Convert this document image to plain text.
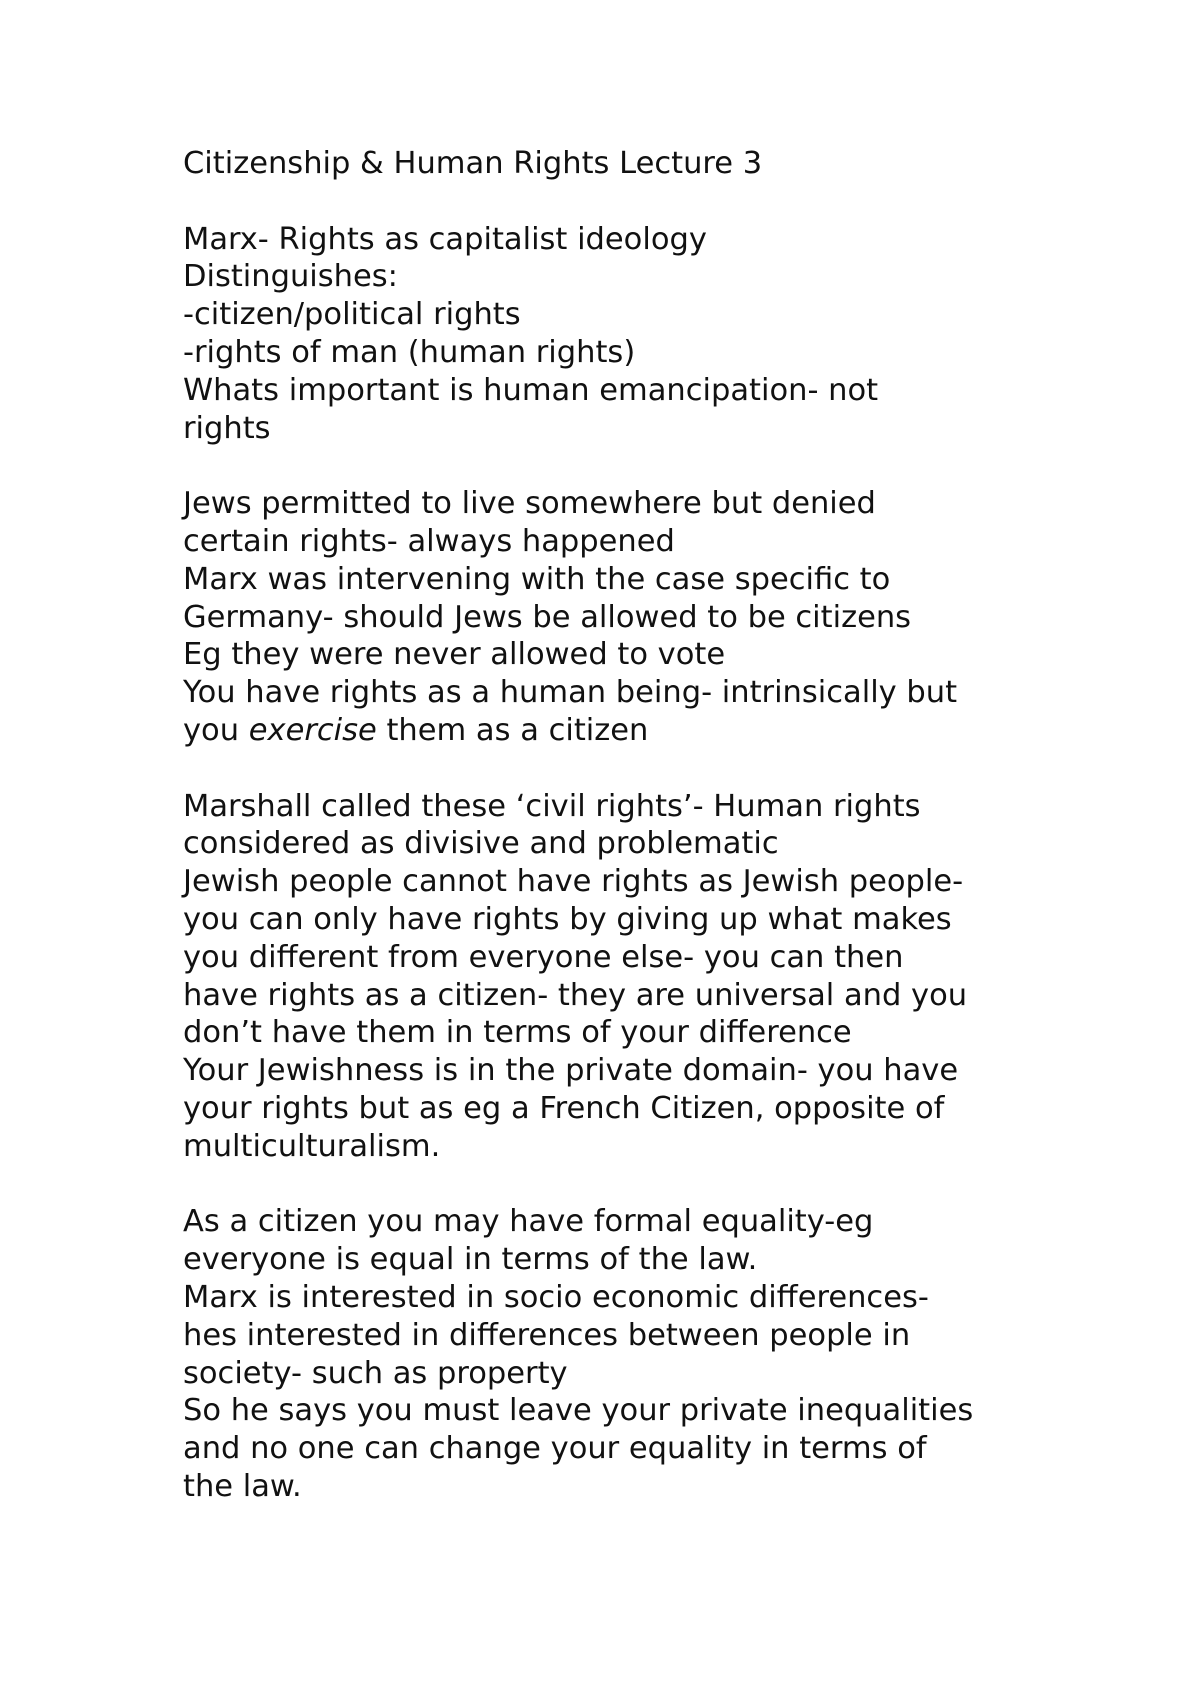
Citizenship & Human Rights Lecture 3
Marx- Rights as capitalist ideology
Distinguishes:
-citizen/political rights
-rights of man (human rights)
Whats important is human emancipation- not
rights
Jews permitted to live somewhere but denied
certain rights- always happened
Marx was intervening with the case specific to
Germany- should Jews be allowed to be citizens
Eg they were never allowed to vote
You have rights as a human being- intrinsically but
you exercise them as a citizen
Marshall called these ‘civil rights’- Human rights
considered as divisive and problematic
Jewish people cannot have rights as Jewish people-
you can only have rights by giving up what makes
you different from everyone else- you can then
have rights as a citizen- they are universal and you
don’t have them in terms of your difference
Your Jewishness is in the private domain- you have
your rights but as eg a French Citizen, opposite of
multiculturalism.
As a citizen you may have formal equality-eg
everyone is equal in terms of the law.
Marx is interested in socio economic differences-
hes interested in differences between people in
society- such as property
So he says you must leave your private inequalities
and no one can change your equality in terms of
the law.
